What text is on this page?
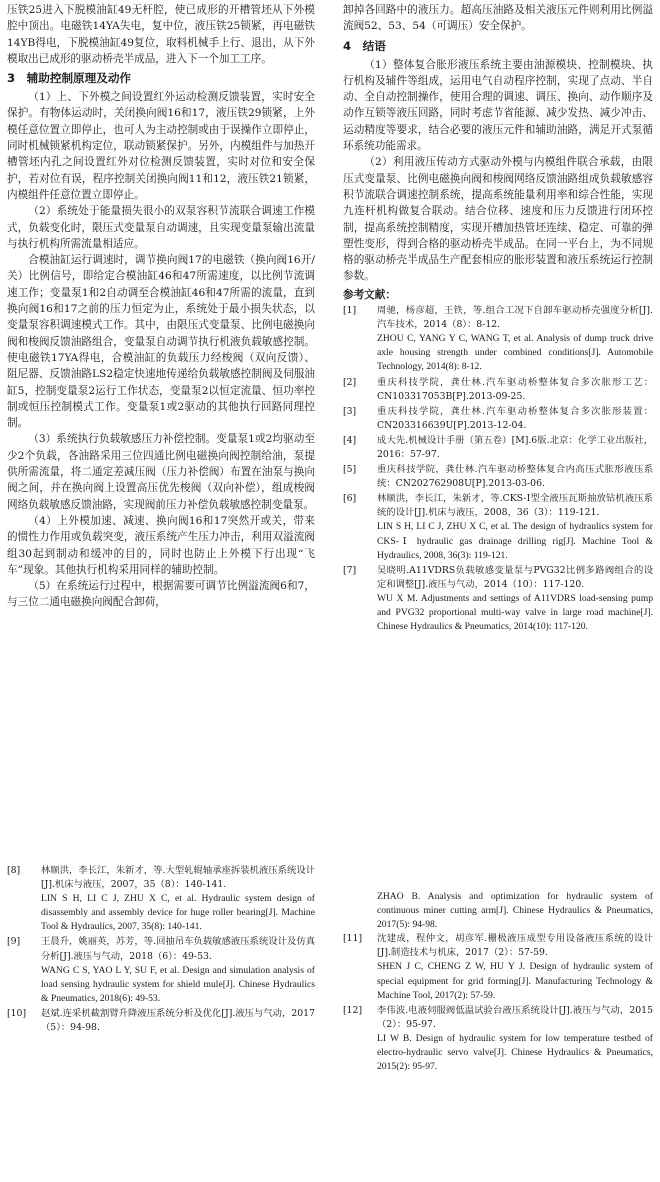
压铁25进入下脱模油缸49无杆腔，使已成形的开槽管坯从下外模腔中顶出。电磁铁14YA失电，复中位，液压铁25锁紧，再电磁铁14YB得电，下脱模油缸49复位，取料机械手上行、退出，从下外模取出已成形的驱动桥壳半成品，进入下一个加工工序。

3　辅助控制原理及动作

（1）上、下外模之间设置红外运动检测反馈装置，实时安全保护。有物体运动时，关闭换向阀16和17，液压铁29锁紧，上外模任意位置立即停止，也可人为主动控制或由于误操作立即停止，同时机械锁紧机构定位，联动锁紧保护。另外，内模组件与加热开槽管坯内孔之间设置红外对位检测反馈装置，实时对位和安全保护，若对位有误，程序控制关闭换向阀11和12，液压铁21锁紧，内模组件任意位置立即停止。

（2）系统处于能量损失很小的双泵容积节流联合调速工作模式，负载变化时，限压式变量泵自动调速，且实现变量泵输出流量与执行机构所需流量相适应。

合模油缸运行调速时，调节换向阀17的电磁铁（换向阀16开/关）比例信号，即给定合模油缸46和47所需速度，以比例节流调速工作；变量泵1和2自动调至合模油缸46和47所需的流量，直到换向阀16和17之前的压力恒定为止，系统处于最小损失状态，以变量泵容积调速模式工作。其中，由限压式变量泵、比例电磁换向阀和梭阀反馈油路组合，变量泵自动调节执行机液负载敏感控制。使电磁铁17YA得电，合模油缸的负载压力经梭阀（双向反馈）、阻尼器、反馈油路LS2稳定快速地传递给负载敏感控制阀及伺服油缸5，控制变量泵2运行工作状态，变量泵2以恒定流量、恒功率控制或恒压控制模式工作。变量泵1或2驱动的其他执行回路同理控制。

（3）系统执行负载敏感压力补偿控制。变量泵1或2均驱动至少2个负载，各油路采用三位四通比例电磁换向阀控制给油，泵提供所需流量，将二通定差减压阀（压力补偿阀）布置在油泵与换向阀之间，并在换向阀上设置高压优先梭阀（双向补偿），组成梭阀网络负载敏感反馈油路，实现阀前压力补偿负载敏感控制变量泵。

（4）上外模加速、减速、换向阀16和17突然开或关，带来的惯性力作用或负载突变，液压系统产生压力冲击，利用双溢流阀组30起到制动和缓冲的目的，同时也防止上外模下行出现“飞车”现象。其他执行机构采用同样的辅助控制。

（5）在系统运行过程中，根据需要可调节比例溢流阀6和7，与三位二通电磁换向阀配合卸荷，

卸掉各回路中的液压力。超高压油路及相关液压元件则利用比例溢流阀52、53、54（可调压）安全保护。

4　结语

（1）整体复合胀形液压系统主要由油源模块、控制模块、执行机构及辅件等组成，运用电气自动程序控制，实现了点动、半自动、全自动控制操作，使用合理的调速、调压、换向、动作顺序及动作互锁等液压回路，同时考虑节省能源、减少发热、减少冲击、运动精度等要求，结合必要的液压元件和辅助油路，满足开式泵循环系统功能需求。

（2）利用液压传动方式驱动外模与内模组件联合承载，由限压式变量泵、比例电磁换向阀和梭阀网络反馈油路组成负载敏感容积节流联合调速控制系统，提高系统能量利用率和综合性能，实现九连杆机构做复合联动。结合位移、速度和压力反馈进行闭环控制，提高系统控制精度，实现开槽加热管坯连续、稳定、可靠的弹塑性变形，得到合格的驱动桥壳半成品。在同一平台上，为不同规格的驱动桥壳半成品生产配套相应的胀形装置和液压系统运行控制参数。

参考文献：
[1]	周驰，杨彦超，王铁，等.组合工况下自卸车驱动桥壳强度分析[J].汽车技术，2014（8）：8-12.
ZHOU C, YANG Y C, WANG T, et al. Analysis of dump truck drive axle housing strength under combined conditions[J]. Automobile Technology, 2014(8): 8-12.
[2]	重庆科技学院，龚仕林.汽车驱动桥整体复合多次胀形工艺：CN103317053B[P].2013-09-25.
[3]	重庆科技学院，龚仕林.汽车驱动桥整体复合多次胀形装置：CN203316639U[P].2013-12-04.
[4]	成大先.机械设计手册（第五卷）[M].6版.北京：化学工业出版社，2016：57-97.
[5]	重庆科技学院，龚仕林.汽车驱动桥整体复合内高压式胀形液压系统：CN202762908U[P].2013-03-06.
[6]	林顺洪，李长江，朱新才，等.CKS-Ⅰ型全液压瓦斯抽放钻机液压系统的设计[J].机床与液压，2008，36（3）：119-121.
LIN S H, LI C J, ZHU X C, et al. The design of hydraulics system for CKS-Ⅰ hydraulic gas drainage drilling rig[J]. Machine Tool & Hydraulics, 2008, 36(3): 119-121.
[7]	吴晓明.A11VDRS负载敏感变量泵与PVG32比例多路阀组合的设定和调整[J].液压与气动，2014（10）：117-120.
WU X M. Adjustments and settings of A11VDRS load-sensing pump and PVG32 proportional multi-way valve in large road machine[J]. Chinese Hydraulics & Pneumatics, 2014(10): 117-120.
[8]	林顺洪，李长江，朱新才，等.大型轧辊轴承座拆装机液压系统设计[J].机床与液压，2007，35（8）：140-141.
LIN S H, LI C J, ZHU X C, et al. Hydraulic system design of disassembly and assembly device for huge roller bearing[J]. Machine Tool & Hydraulics, 2007, 35(8): 140-141.
[9]	王晨升，姚丽英，苏芳，等.回抽吊车负载敏感液压系统设计及仿真分析[J].液压与气动，2018（6）：49-53.
WANG C S, YAO L Y, SU F, et al. Design and simulation analysis of load sensing hydraulic system for shield mule[J]. Chinese Hydraulics & Pneumatics, 2018(6): 49-53.
[10]	赵斌.连采机截割臂升降液压系统分析及优化[J].液压与气动，2017（5）：94-98.
ZHAO B. Analysis and optimization for hydraulic system of continuous miner cutting arm[J]. Chinese Hydraulics & Pneumatics, 2017(5): 94-98.
[11]	沈建成，程仲文，胡彦军.栅极液压成型专用设备液压系统的设计[J].制造技术与机床，2017（2）：57-59.
SHEN J C, CHENG Z W, HU Y J. Design of hydraulic system of special equipment for grid forming[J]. Manufacturing Technology & Machine Tool, 2017(2): 57-59.
[12]	李伟波.电液伺服阀低温试验台液压系统设计[J].液压与气动，2015（2）：95-97.
LI W B. Design of hydraulic system for low temperature testbed of electro-hydraulic servo valve[J]. Chinese Hydraulics & Pneumatics, 2015(2): 95-97.
